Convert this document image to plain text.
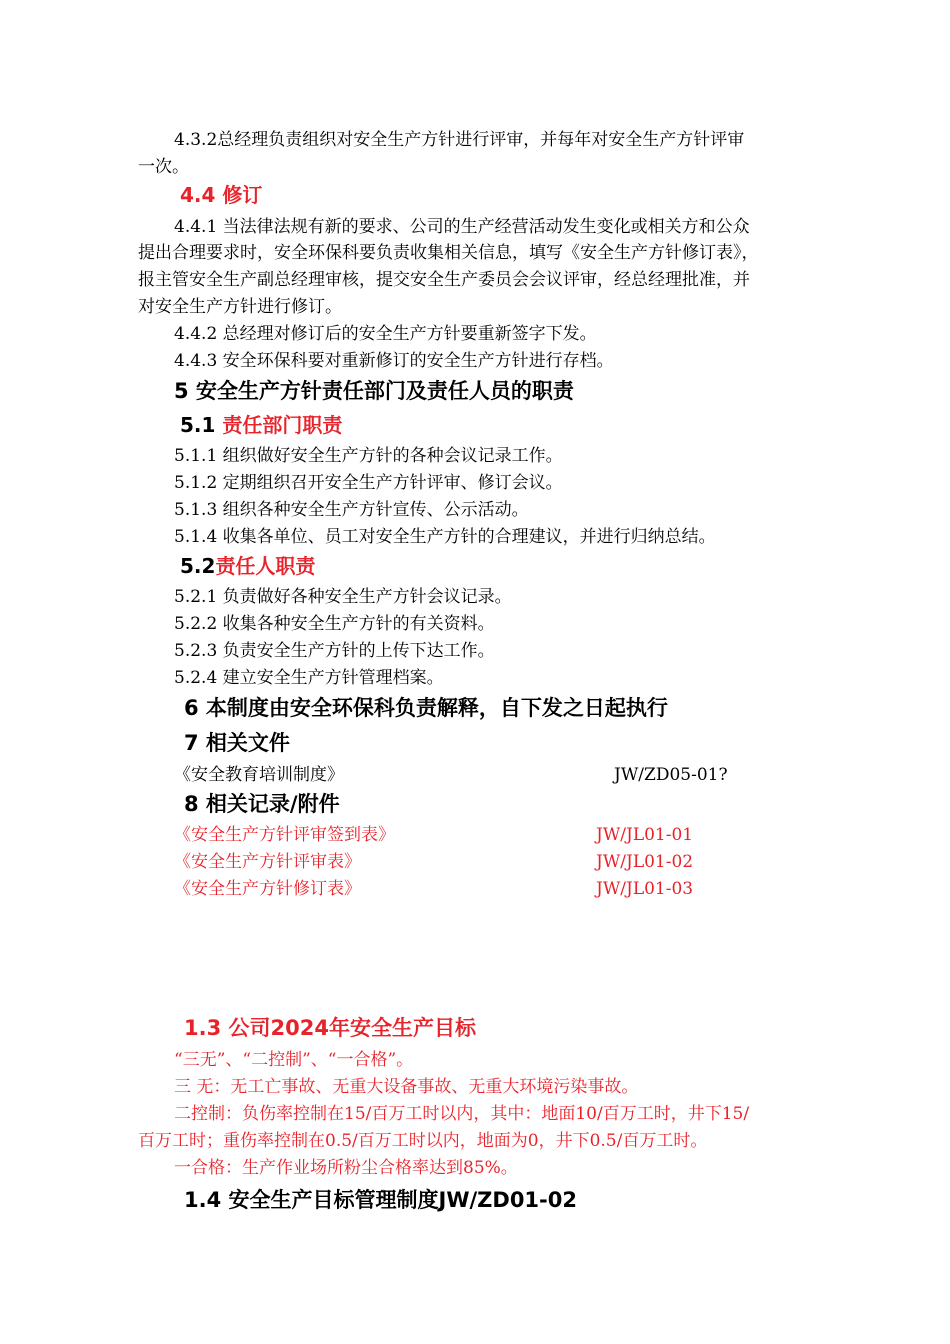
4.3.2总经理负责组织对安全生产方针进行评审，并每年对安全生产方针评审
一次。
4.4 修订
4.4.1 当法律法规有新的要求、公司的生产经营活动发生变化或相关方和公众
提出合理要求时，安全环保科要负责收集相关信息，填写《安全生产方针修订表》，
报主管安全生产副总经理审核，提交安全生产委员会会议评审，经总经理批准，并
对安全生产方针进行修订。
4.4.2 总经理对修订后的安全生产方针要重新签字下发。
4.4.3 安全环保科要对重新修订的安全生产方针进行存档。
5 安全生产方针责任部门及责任人员的职责
5.1 责任部门职责
5.1.1 组织做好安全生产方针的各种会议记录工作。
5.1.2 定期组织召开安全生产方针评审、修订会议。
5.1.3 组织各种安全生产方针宣传、公示活动。
5.1.4 收集各单位、员工对安全生产方针的合理建议，并进行归纳总结。
5.2责任人职责
5.2.1 负责做好各种安全生产方针会议记录。
5.2.2 收集各种安全生产方针的有关资料。
5.2.3 负责安全生产方针的上传下达工作。
5.2.4 建立安全生产方针管理档案。
6 本制度由安全环保科负责解释，自下发之日起执行
7 相关文件
《安全教育培训制度》	JW/ZD05-01?
8 相关记录/附件
《安全生产方针评审签到表》	JW/JL01-01
《安全生产方针评审表》	JW/JL01-02
《安全生产方针修订表》	JW/JL01-03
1.3 公司2024年安全生产目标
“三无”、“二控制”、“一合格”。
三 无：无工亡事故、无重大设备事故、无重大环境污染事故。
二控制：负伤率控制在15/百万工时以内，其中：地面10/百万工时，井下15/
百万工时；重伤率控制在0.5/百万工时以内，地面为0，井下0.5/百万工时。
一合格：生产作业场所粉尘合格率达到85%。
1.4 安全生产目标管理制度JW/ZD01-02
